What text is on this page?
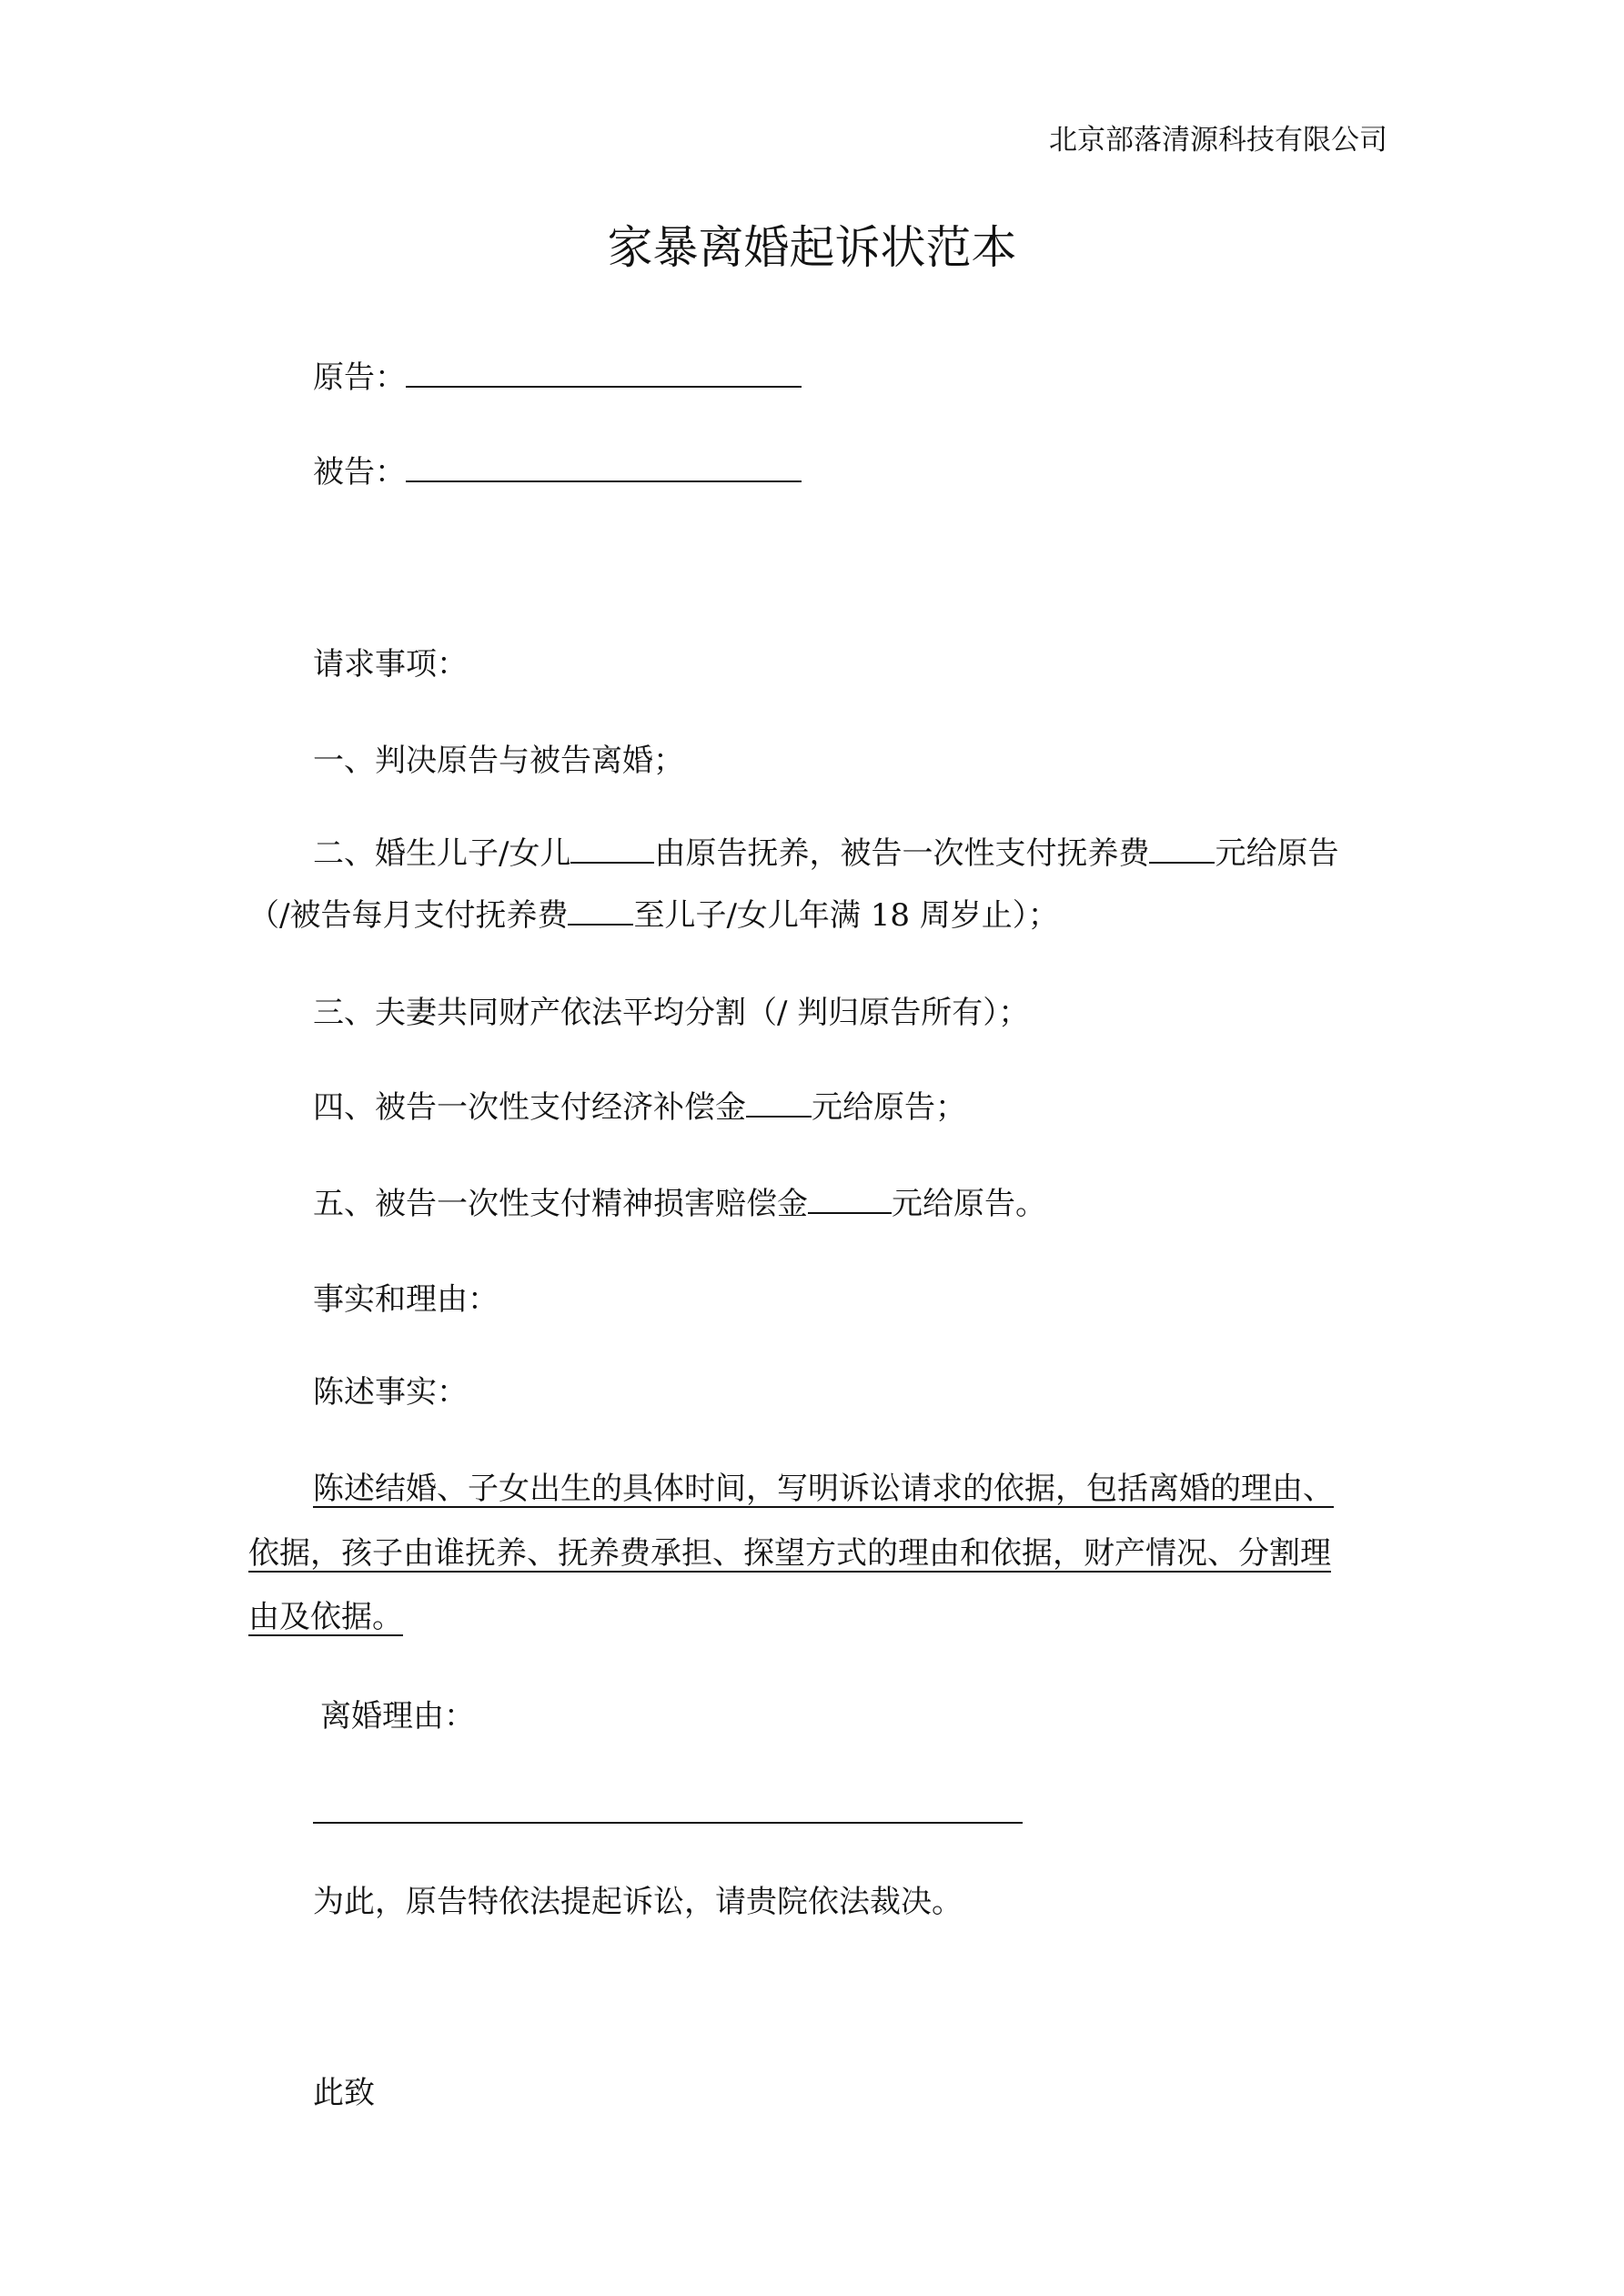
北京部落清源科技有限公司
家暴离婚起诉状范本
原告：
被告：
请求事项：
一、判决原告与被告离婚；
二、婚生儿子/女儿	由原告抚养，被告一次性支付抚养费 元给原告
（/被告每月支付抚养费 至儿子/女儿年满 18 周岁止）；
三、夫妻共同财产依法平均分割（/ 判归原告所有）；
四、被告一次性支付经济补偿金 元给原告；
五、被告一次性支付精神损害赔偿金	元给原告。
事实和理由：
陈述事实：
陈述结婚、子女出生的具体时间，写明诉讼请求的依据，包括离婚的理由、
依据，孩子由谁抚养、抚养费承担、探望方式的理由和依据，财产情况、分割理
由及依据。
离婚理由：
为此，原告特依法提起诉讼，请贵院依法裁决。
此致
